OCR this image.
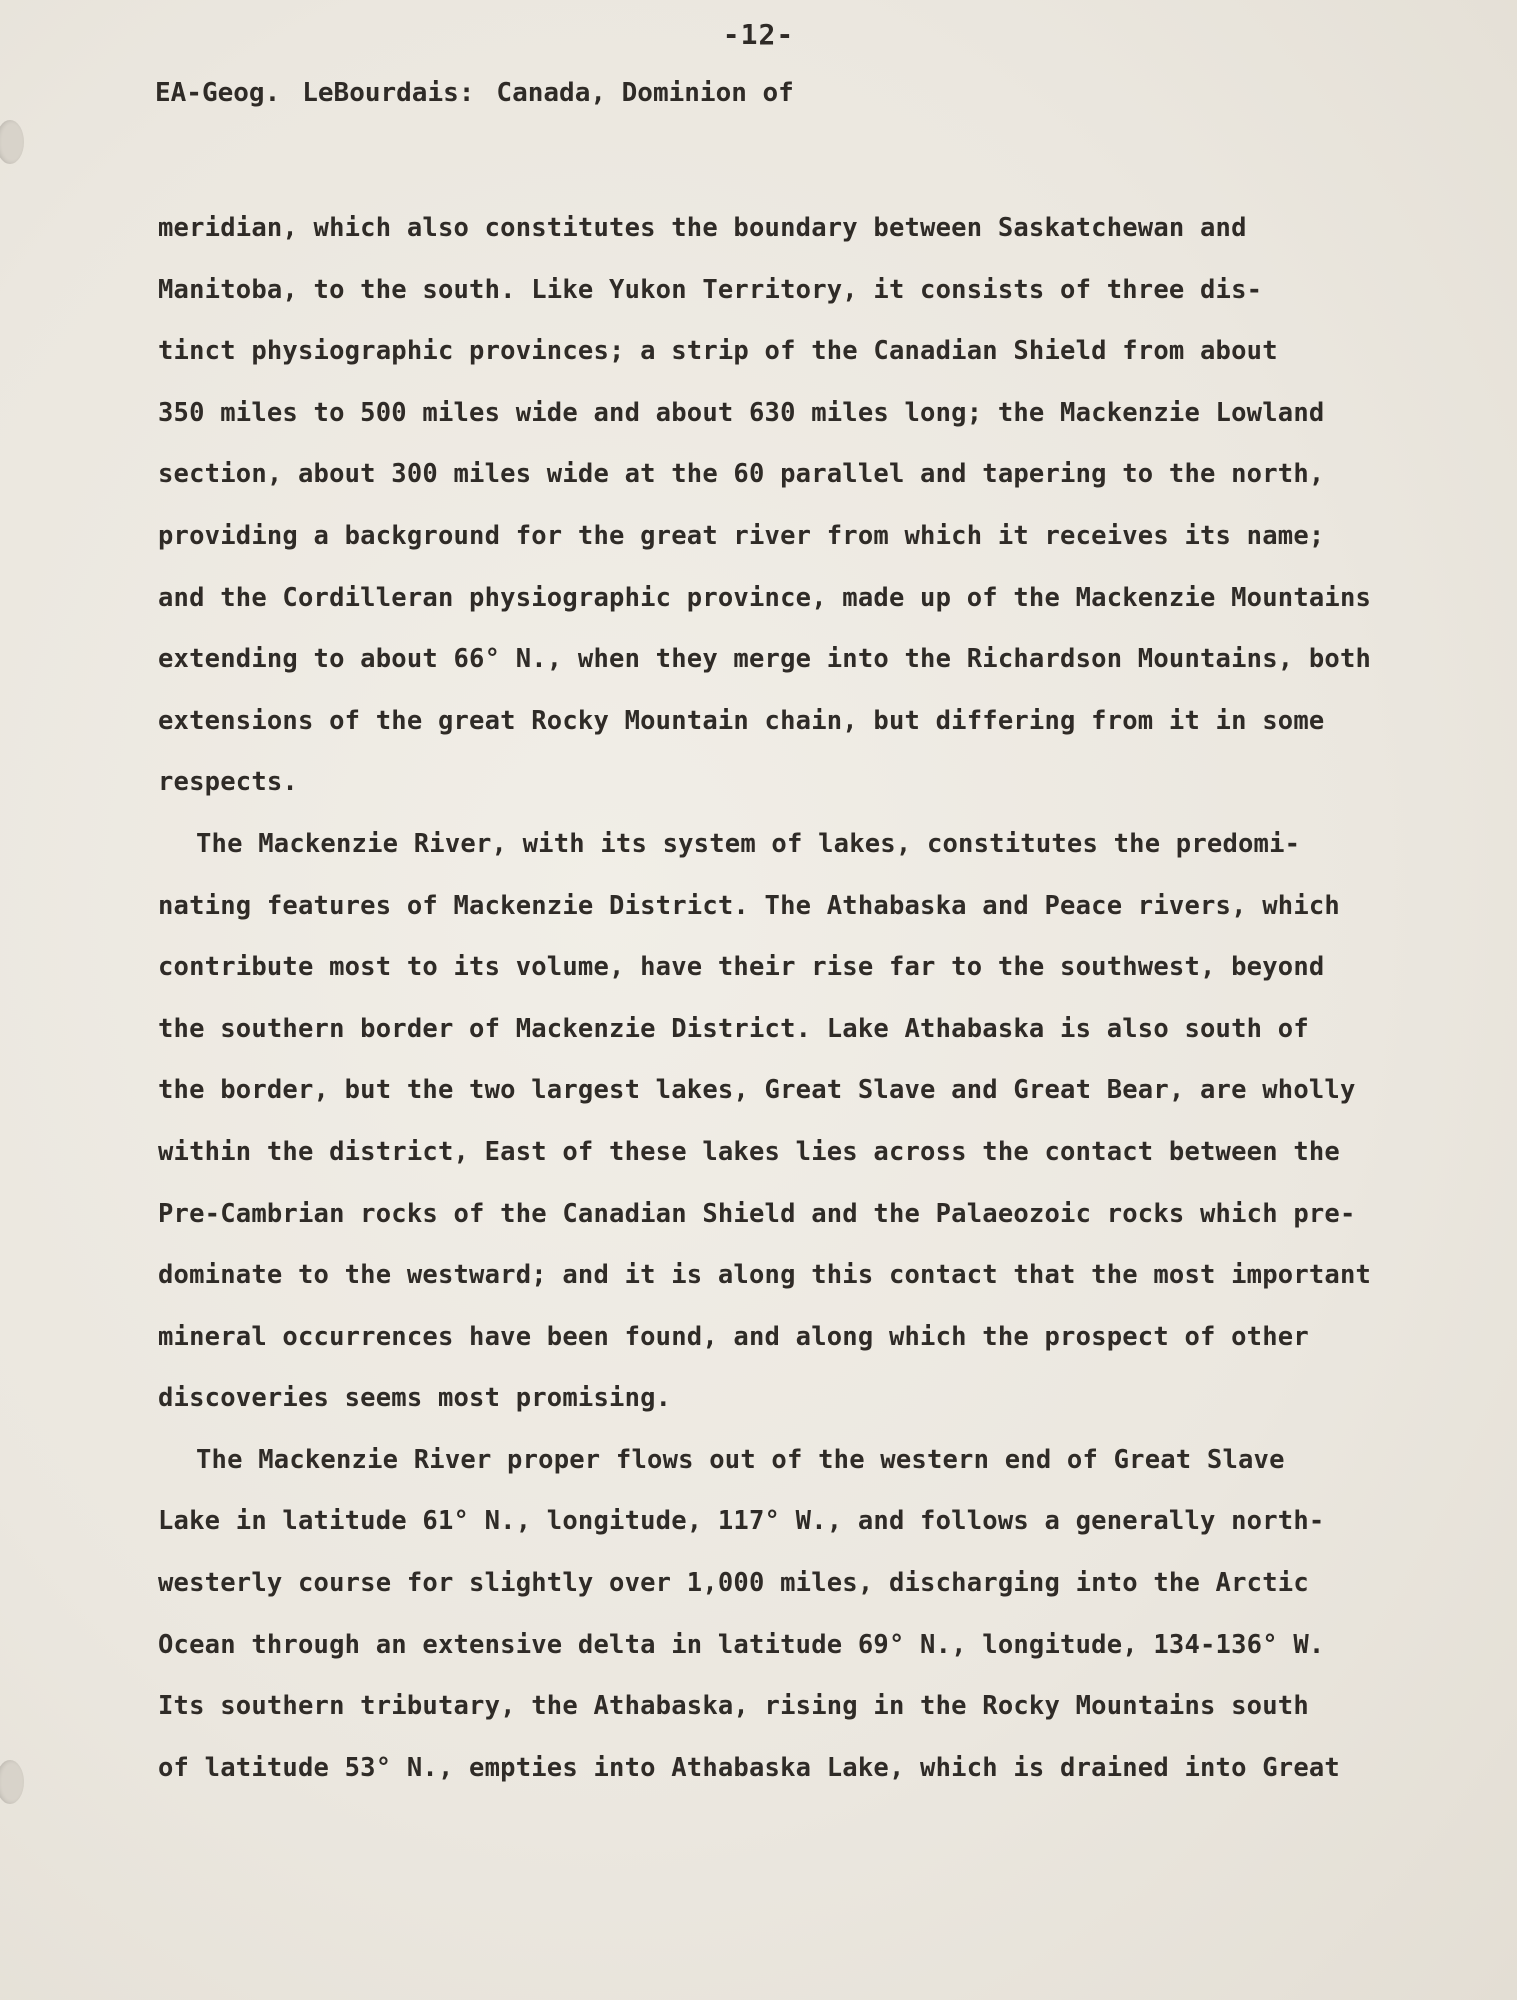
-12-
EA-Geog. LeBourdais: Canada, Dominion of
meridian, which also constitutes the boundary between Saskatchewan and
Manitoba, to the south. Like Yukon Territory, it consists of three dis-
tinct physiographic provinces; a strip of the Canadian Shield from about
350 miles to 500 miles wide and about 630 miles long; the Mackenzie Lowland
section, about 300 miles wide at the 60 parallel and tapering to the north,
providing a background for the great river from which it receives its name;
and the Cordilleran physiographic province, made up of the Mackenzie Mountains
extending to about 66° N., when they merge into the Richardson Mountains, both
extensions of the great Rocky Mountain chain, but differing from it in some
respects.
The Mackenzie River, with its system of lakes, constitutes the predomi-
nating features of Mackenzie District. The Athabaska and Peace rivers, which
contribute most to its volume, have their rise far to the southwest, beyond
the southern border of Mackenzie District. Lake Athabaska is also south of
the border, but the two largest lakes, Great Slave and Great Bear, are wholly
within the district, East of these lakes lies across the contact between the
Pre-Cambrian rocks of the Canadian Shield and the Palaeozoic rocks which pre-
dominate to the westward; and it is along this contact that the most important
mineral occurrences have been found, and along which the prospect of other
discoveries seems most promising.
The Mackenzie River proper flows out of the western end of Great Slave
Lake in latitude 61° N., longitude, 117° W., and follows a generally north-
westerly course for slightly over 1,000 miles, discharging into the Arctic
Ocean through an extensive delta in latitude 69° N., longitude, 134-136° W.
Its southern tributary, the Athabaska, rising in the Rocky Mountains south
of latitude 53° N., empties into Athabaska Lake, which is drained into Great
